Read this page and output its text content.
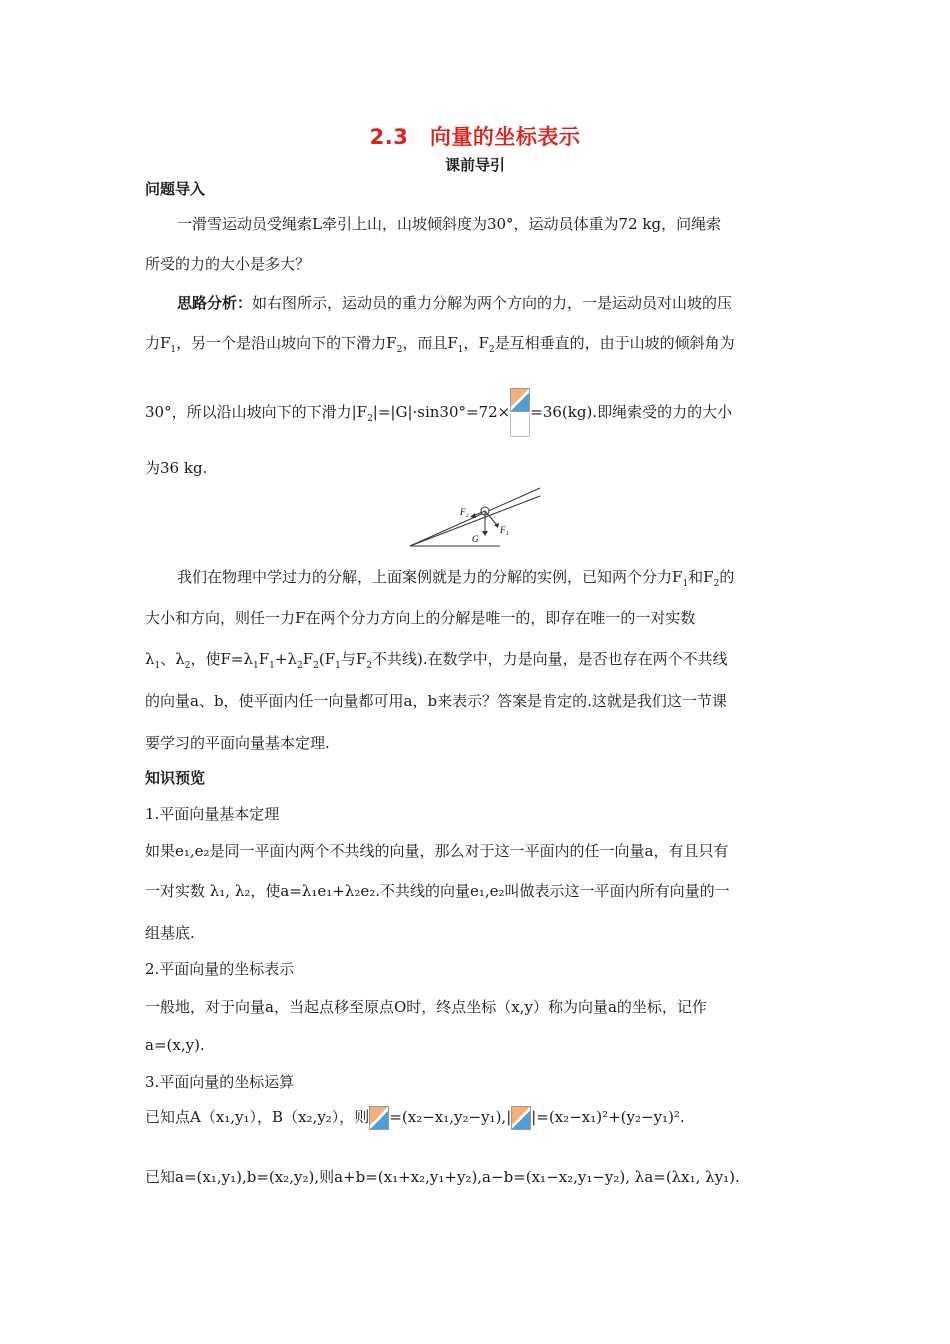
2.3　向量的坐标表示
课前导引
问题导入
一滑雪运动员受绳索L牵引上山，山坡倾斜度为30°，运动员体重为72 kg，问绳索
所受的力的大小是多大？
思路分析：如右图所示，运动员的重力分解为两个方向的力，一是运动员对山坡的压
力$F_1$，另一个是沿山坡向下的下滑力$F_2$，而且$F_1$，$F_2$是互相垂直的，由于山坡的倾斜角为
30°，所以沿山坡向下的下滑力$|F_2|=|G|\cdot\sin 30^\circ=72\times =36(kg)$.即绳索受的力的大小
为36 kg.
F₂
F₁
G
我们在物理中学过力的分解，上面案例就是力的分解的实例，已知两个分力$F_1$和$F_2$的
大小和方向，则任一力F在两个分力方向上的分解是唯一的，即存在唯一的一对实数
$\lambda_1$、$\lambda_2$，使$F=\lambda_1F_1+\lambda_2F_2(F_1$与$F_2$不共线).在数学中，力是向量，是否也存在两个不共线
的向量a、b，使平面内任一向量都可用a，b来表示？答案是肯定的.这就是我们这一节课
要学习的平面向量基本定理.
知识预览
1.平面向量基本定理
如果e₁,e₂是同一平面内两个不共线的向量，那么对于这一平面内的任一向量a，有且只有
一对实数 λ₁, λ₂，使a=λ₁e₁+λ₂e₂.不共线的向量e₁,e₂叫做表示这一平面内所有向量的一
组基底.
2.平面向量的坐标表示
一般地，对于向量a，当起点移至原点O时，终点坐标（x,y）称为向量a的坐标，记作
a=(x,y).
3.平面向量的坐标运算
已知点A（x₁,y₁），B（x₂,y₂），则 =(x₂−x₁,y₂−y₁),| |=(x₂−x₁)²+(y₂−y₁)².
已知a=(x₁,y₁),b=(x₂,y₂),则a+b=(x₁+x₂,y₁+y₂),a−b=(x₁−x₂,y₁−y₂), λa=(λx₁, λy₁).
